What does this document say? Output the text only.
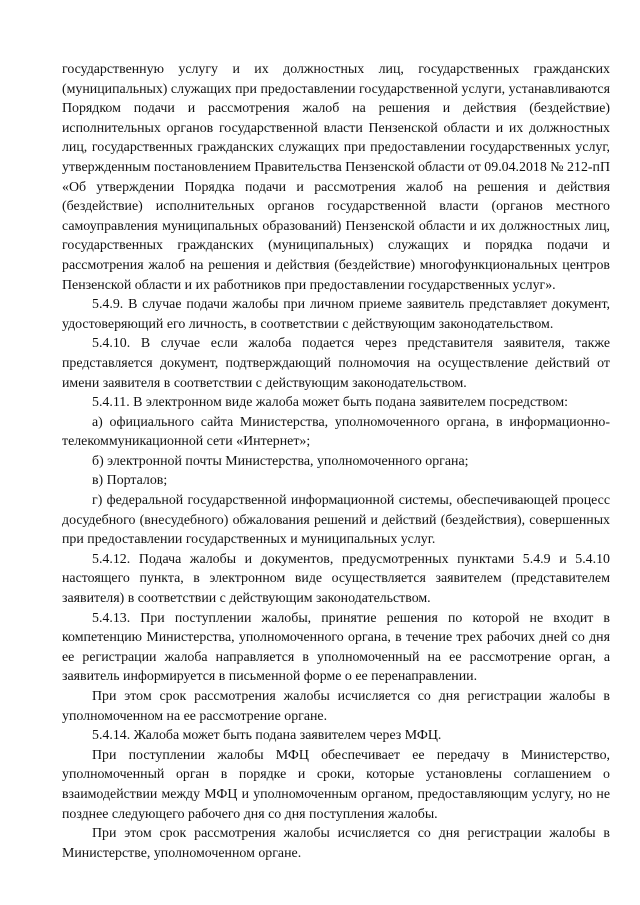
государственную услугу и их должностных лиц, государственных гражданских (муниципальных) служащих при предоставлении государственной услуги, устанавливаются Порядком подачи и рассмотрения жалоб на решения и действия (бездействие) исполнительных органов государственной власти Пензенской области и их должностных лиц, государственных гражданских служащих при предоставлении государственных услуг, утвержденным постановлением Правительства Пензенской области от 09.04.2018 № 212-пП «Об утверждении Порядка подачи и рассмотрения жалоб на решения и действия (бездействие) исполнительных органов государственной власти (органов местного самоуправления муниципальных образований) Пензенской области и их должностных лиц, государственных гражданских (муниципальных) служащих и порядка подачи и рассмотрения жалоб на решения и действия (бездействие) многофункциональных центров Пензенской области и их работников при предоставлении государственных услуг».

5.4.9. В случае подачи жалобы при личном приеме заявитель представляет документ, удостоверяющий его личность, в соответствии с действующим законодательством.

5.4.10. В случае если жалоба подается через представителя заявителя, также представляется документ, подтверждающий полномочия на осуществление действий от имени заявителя в соответствии с действующим законодательством.

5.4.11. В электронном виде жалоба может быть подана заявителем посредством:

а) официального сайта Министерства, уполномоченного органа, в информационно-телекоммуникационной сети «Интернет»;

б) электронной почты Министерства, уполномоченного органа;

в) Порталов;

г) федеральной государственной информационной системы, обеспечивающей процесс досудебного (внесудебного) обжалования решений и действий (бездействия), совершенных при предоставлении государственных и муниципальных услуг.

5.4.12. Подача жалобы и документов, предусмотренных пунктами 5.4.9 и 5.4.10 настоящего пункта, в электронном виде осуществляется заявителем (представителем заявителя) в соответствии с действующим законодательством.

5.4.13. При поступлении жалобы, принятие решения по которой не входит в компетенцию Министерства, уполномоченного органа, в течение трех рабочих дней со дня ее регистрации жалоба направляется в уполномоченный на ее рассмотрение орган, а заявитель информируется в письменной форме о ее перенаправлении.

При этом срок рассмотрения жалобы исчисляется со дня регистрации жалобы в уполномоченном на ее рассмотрение органе.

5.4.14. Жалоба может быть подана заявителем через МФЦ.

При поступлении жалобы МФЦ обеспечивает ее передачу в Министерство, уполномоченный орган в порядке и сроки, которые установлены соглашением о взаимодействии между МФЦ и уполномоченным органом, предоставляющим услугу, но не позднее следующего рабочего дня со дня поступления жалобы.

При этом срок рассмотрения жалобы исчисляется со дня регистрации жалобы в Министерстве, уполномоченном органе.
